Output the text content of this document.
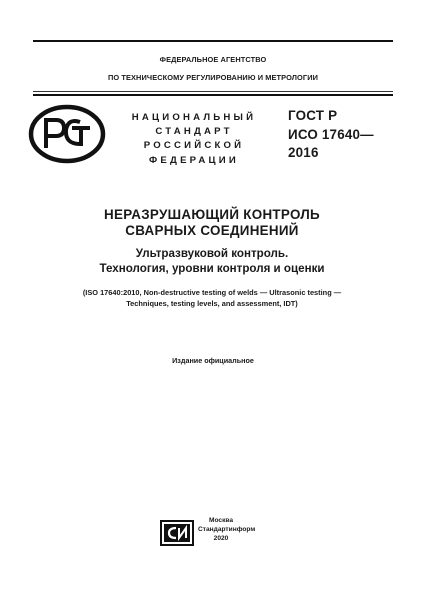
ФЕДЕРАЛЬНОЕ АГЕНТСТВО
ПО ТЕХНИЧЕСКОМУ РЕГУЛИРОВАНИЮ И МЕТРОЛОГИИ
НАЦИОНАЛЬНЫЙ
СТАНДАРТ
РОССИЙСКОЙ
ФЕДЕРАЦИИ
ГОСТ Р
ИСО 17640—
2016
НЕРАЗРУШАЮЩИЙ КОНТРОЛЬ
СВАРНЫХ СОЕДИНЕНИЙ
Ультразвуковой контроль.
Технология, уровни контроля и оценки
(ISO 17640:2010, Non-destructive testing of welds — Ultrasonic testing —
Techniques, testing levels, and assessment, IDT)
Издание официальное
Москва
Стандартинформ
2020
